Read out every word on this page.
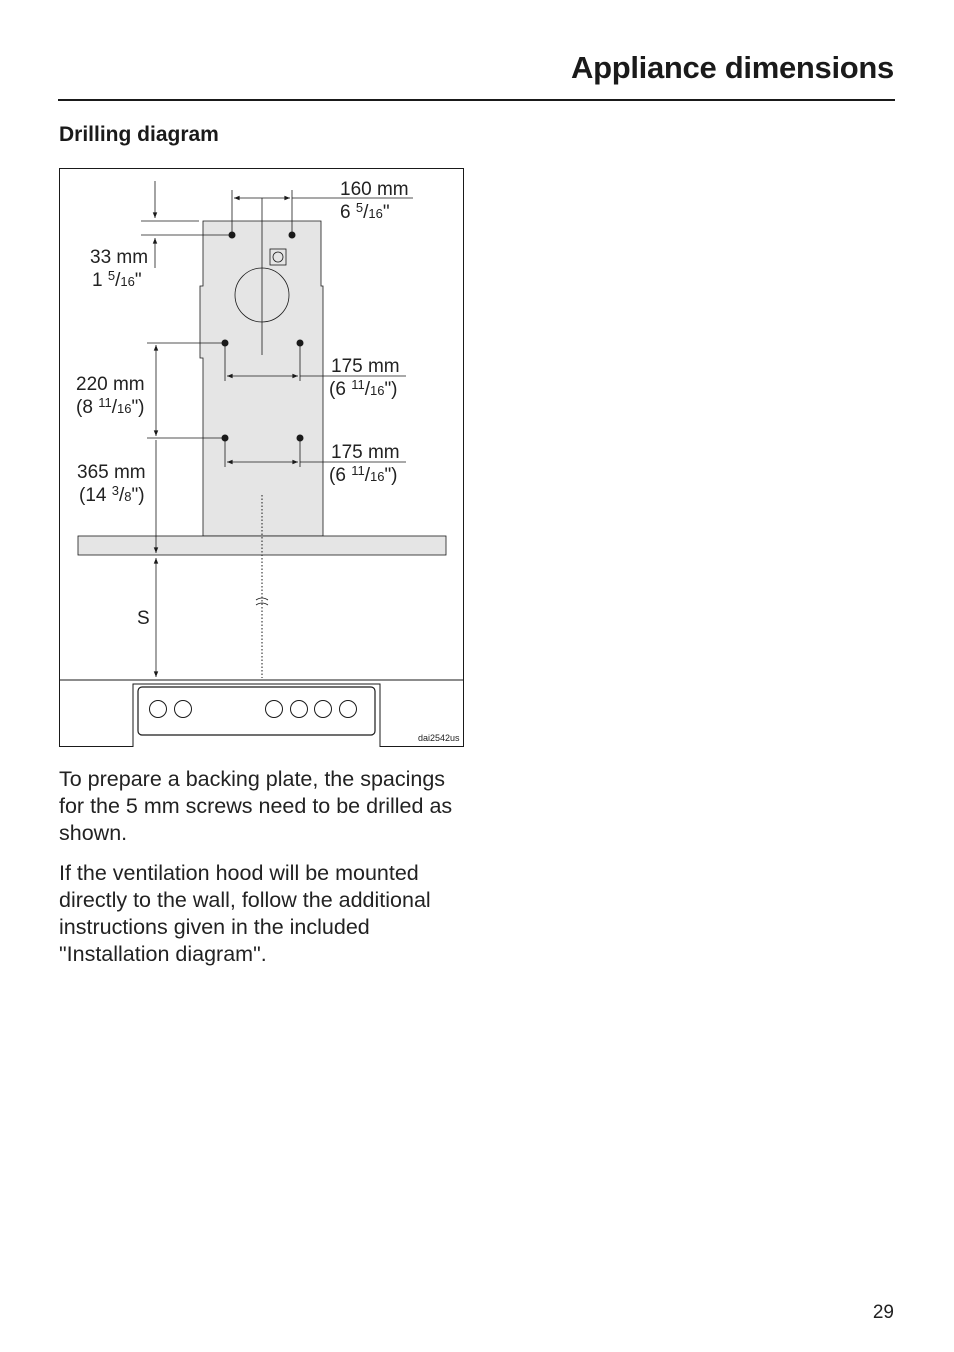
Appliance dimensions
Drilling diagram
160 mm
6 $^5$/16"
33 mm
1 $^5$/16"
175 mm
(6 $^{11}$/16")
175 mm
(6 $^{11}$/16")
220 mm
(8 $^{11}$/16")
365 mm
(14 $^3$/8")
S
dai2542us

To prepare a backing plate, the spacings for the 5 mm screws need to be drilled as shown.

If the ventilation hood will be mounted directly to the wall, follow the additional instructions given in the included "Installation diagram".

29
